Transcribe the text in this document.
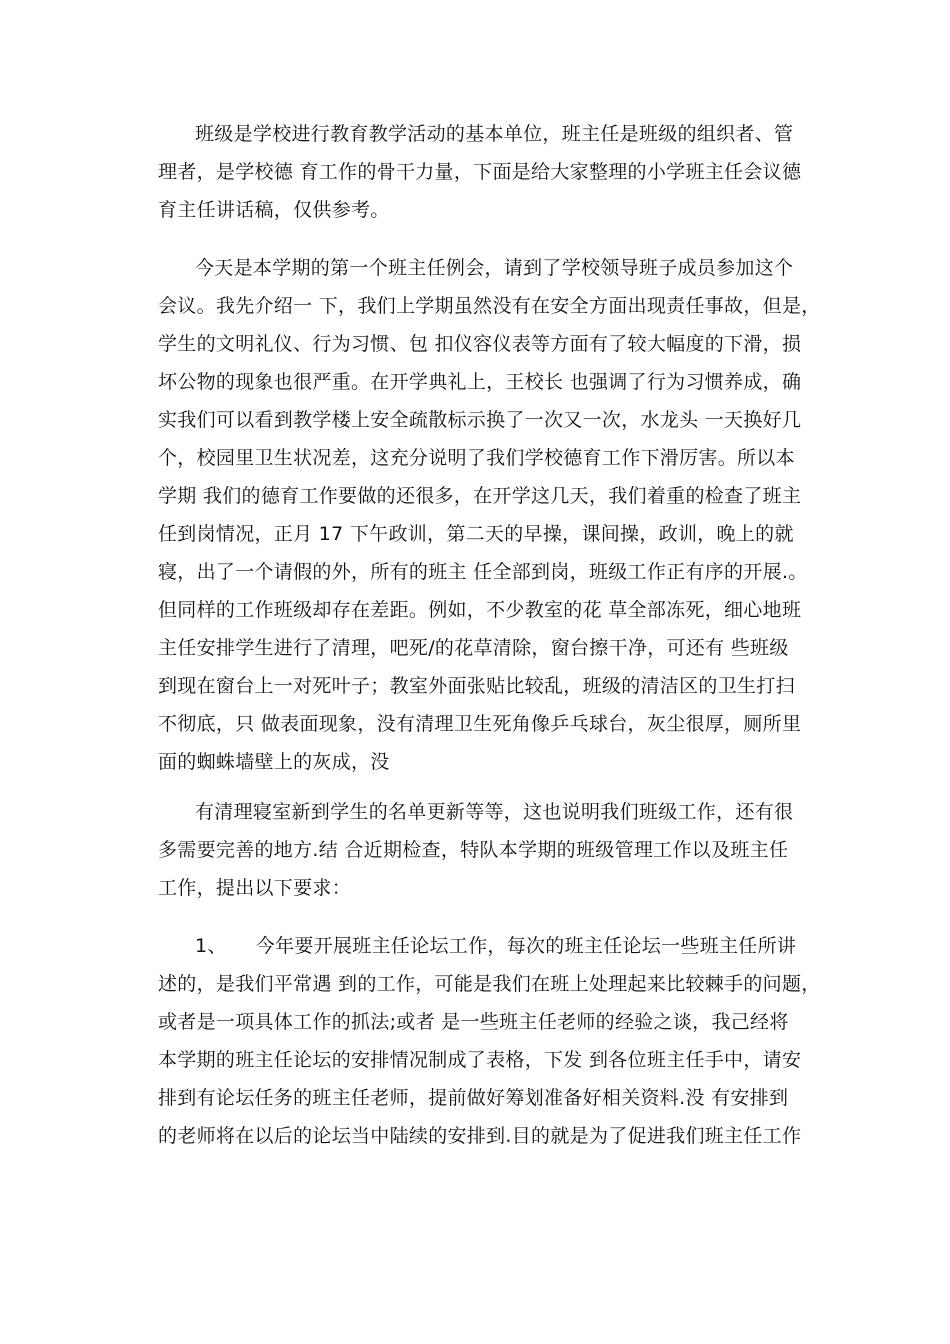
班级是学校进行教育教学活动的基本单位，班主任是班级的组织者、管

理者，是学校德 育工作的骨干力量，下面是给大家整理的小学班主任会议德

育主任讲话稿，仅供参考。

今天是本学期的第一个班主任例会，请到了学校领导班子成员参加这个

会议。我先介绍一 下，我们上学期虽然没有在安全方面出现责任事故，但是，

学生的文明礼仪、行为习惯、包 扣仪容仪表等方面有了较大幅度的下滑，损

坏公物的现象也很严重。在开学典礼上，王校长 也强调了行为习惯养成，确

实我们可以看到教学楼上安全疏散标示换了一次又一次，水龙头 一天换好几

个，校园里卫生状况差，这充分说明了我们学校德育工作下滑厉害。所以本

学期 我们的德育工作要做的还很多，在开学这几天，我们着重的检查了班主

任到岗情况，正月 17 下午政训，第二天的早操，课间操，政训，晚上的就

寝，出了一个请假的外，所有的班主 任全部到岗，班级工作正有序的开展.。

但同样的工作班级却存在差距。例如，不少教室的花 草全部冻死，细心地班

主任安排学生进行了清理，吧死/的花草清除，窗台擦干净，可还有 些班级

到现在窗台上一对死叶子；教室外面张贴比较乱，班级的清洁区的卫生打扫

不彻底，只 做表面现象，没有清理卫生死角像乒乓球台，灰尘很厚，厕所里

面的蜘蛛墙壁上的灰成，没

有清理寝室新到学生的名单更新等等，这也说明我们班级工作，还有很

多需要完善的地方.结 合近期检查，特队本学期的班级管理工作以及班主任

工作，提出以下要求：

1、　　今年要开展班主任论坛工作，每次的班主任论坛一些班主任所讲

述的，是我们平常遇 到的工作，可能是我们在班上处理起来比较棘手的问题，

或者是一项具体工作的抓法;或者 是一些班主任老师的经验之谈，我己经将

本学期的班主任论坛的安排情况制成了表格，下发 到各位班主任手中，请安

排到有论坛任务的班主任老师，提前做好筹划准备好相关资料.没 有安排到

的老师将在以后的论坛当中陆续的安排到.目的就是为了促进我们班主任工作
